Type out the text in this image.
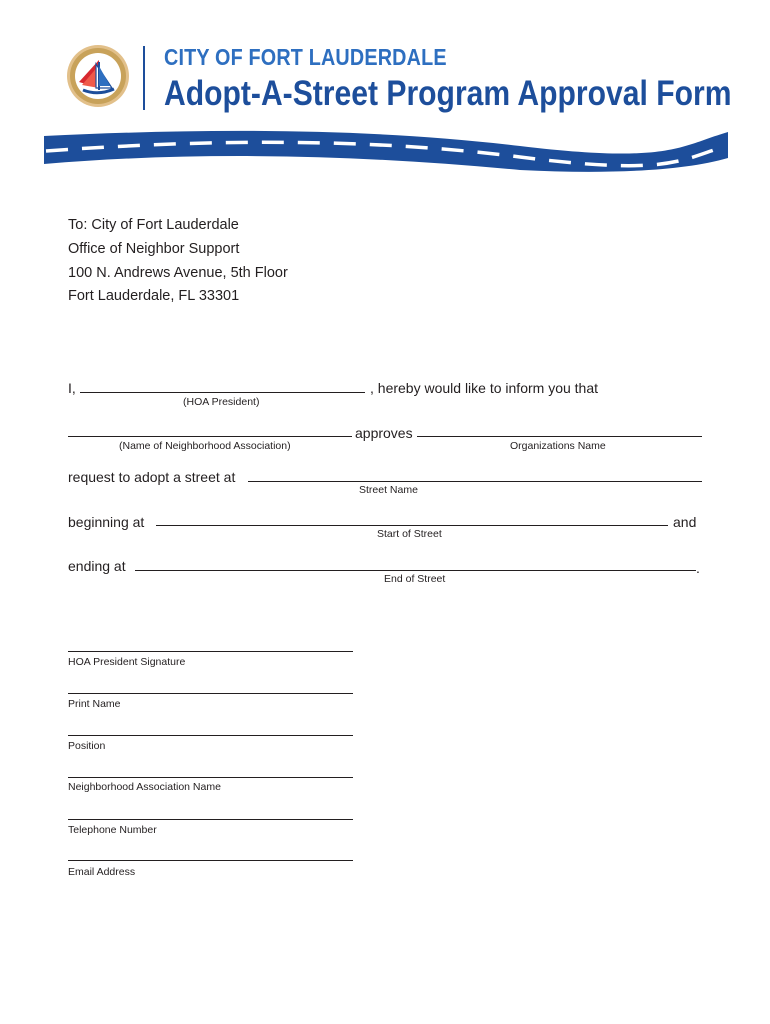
CITY OF FORT LAUDERDALE
Adopt-A-Street Program Approval Form
To: City of Fort Lauderdale
Office of Neighbor Support
100 N. Andrews Avenue, 5th Floor
Fort Lauderdale, FL 33301
I,
(HOA President)
, hereby would like to inform you that
(Name of Neighborhood Association)
approves
Organizations Name
request to adopt a street at
Street Name
beginning at
Start of Street
and
ending at	.
End of Street
HOA President Signature
Print Name
Position
Neighborhood Association Name
Telephone Number
Email Address
